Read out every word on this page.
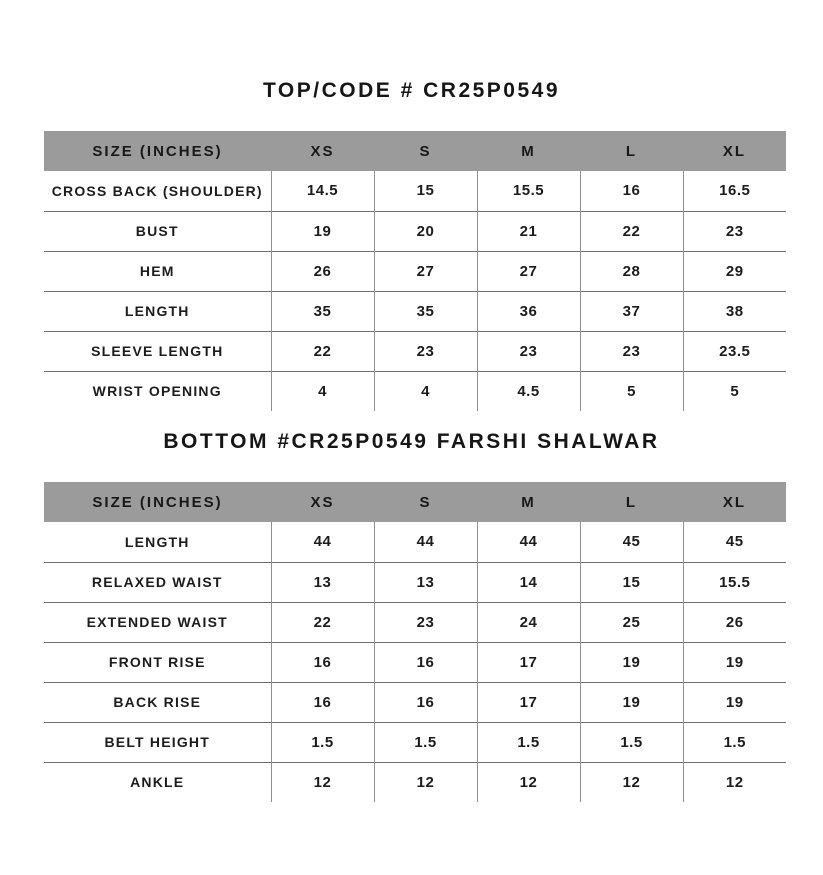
TOP/CODE # CR25P0549
SIZE (INCHES)	XS	S	M	L	XL
CROSS BACK (SHOULDER)	14.5	15	15.5	16	16.5
BUST	19	20	21	22	23
HEM	26	27	27	28	29
LENGTH	35	35	36	37	38
SLEEVE LENGTH	22	23	23	23	23.5
WRIST OPENING	4	4	4.5	5	5
BOTTOM #CR25P0549 FARSHI SHALWAR
SIZE (INCHES)	XS	S	M	L	XL
LENGTH	44	44	44	45	45
RELAXED WAIST	13	13	14	15	15.5
EXTENDED WAIST	22	23	24	25	26
FRONT RISE	16	16	17	19	19
BACK RISE	16	16	17	19	19
BELT HEIGHT	1.5	1.5	1.5	1.5	1.5
ANKLE	12	12	12	12	12
